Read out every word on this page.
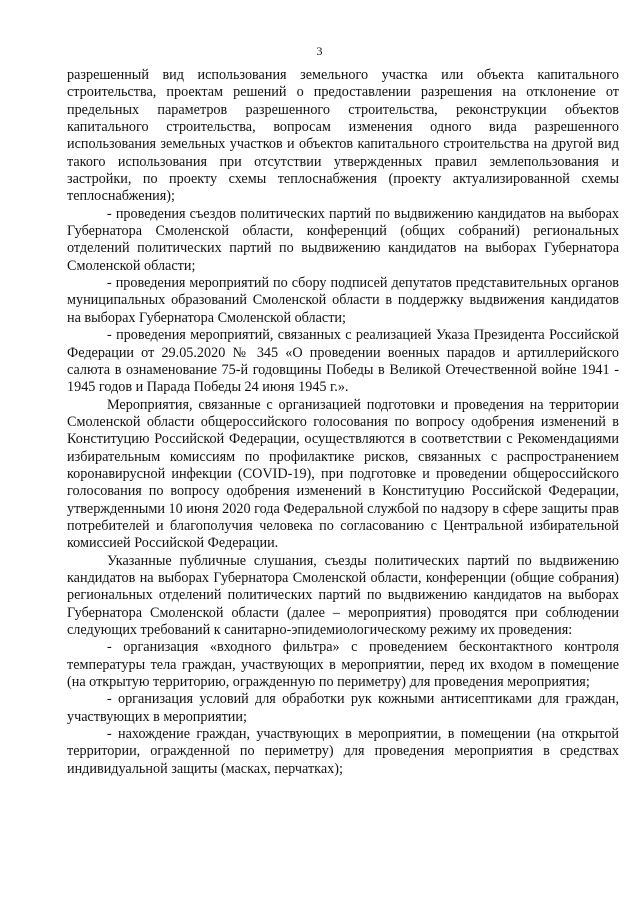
3

разрешенный вид использования земельного участка или объекта капитального строительства, проектам решений о предоставлении разрешения на отклонение от предельных параметров разрешенного строительства, реконструкции объектов капитального строительства, вопросам изменения одного вида разрешенного использования земельных участков и объектов капитального строительства на другой вид такого использования при отсутствии утвержденных правил землепользования и застройки, по проекту схемы теплоснабжения (проекту актуализированной схемы теплоснабжения);

- проведения съездов политических партий по выдвижению кандидатов на выборах Губернатора Смоленской области, конференций (общих собраний) региональных отделений политических партий по выдвижению кандидатов на выборах Губернатора Смоленской области;

- проведения мероприятий по сбору подписей депутатов представительных органов муниципальных образований Смоленской области в поддержку выдвижения кандидатов на выборах Губернатора Смоленской области;

- проведения мероприятий, связанных с реализацией Указа Президента Российской Федерации от 29.05.2020 № 345 «О проведении военных парадов и артиллерийского салюта в ознаменование 75-й годовщины Победы в Великой Отечественной войне 1941 - 1945 годов и Парада Победы 24 июня 1945 г.».

Мероприятия, связанные с организацией подготовки и проведения на территории Смоленской области общероссийского голосования по вопросу одобрения изменений в Конституцию Российской Федерации, осуществляются в соответствии с Рекомендациями избирательным комиссиям по профилактике рисков, связанных с распространением коронавирусной инфекции (COVID-19), при подготовке и проведении общероссийского голосования по вопросу одобрения изменений в Конституцию Российской Федерации, утвержденными 10 июня 2020 года Федеральной службой по надзору в сфере защиты прав потребителей и благополучия человека по согласованию с Центральной избирательной комиссией Российской Федерации.

Указанные публичные слушания, съезды политических партий по выдвижению кандидатов на выборах Губернатора Смоленской области, конференции (общие собрания) региональных отделений политических партий по выдвижению кандидатов на выборах Губернатора Смоленской области (далее – мероприятия) проводятся при соблюдении следующих требований к санитарно-эпидемиологическому режиму их проведения:

- организация «входного фильтра» с проведением бесконтактного контроля температуры тела граждан, участвующих в мероприятии, перед их входом в помещение (на открытую территорию, огражденную по периметру) для проведения мероприятия;

- организация условий для обработки рук кожными антисептиками для граждан, участвующих в мероприятии;

- нахождение граждан, участвующих в мероприятии, в помещении (на открытой территории, огражденной по периметру) для проведения мероприятия в средствах индивидуальной защиты (масках, перчатках);
